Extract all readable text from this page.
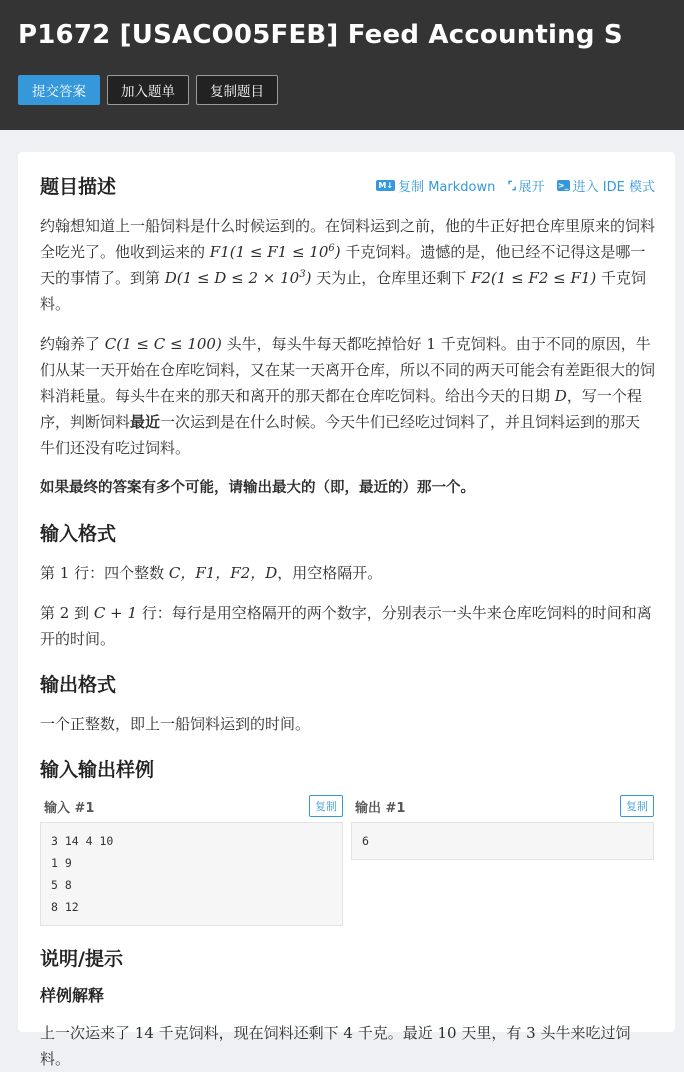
P1672 [USACO05FEB] Feed Accounting S
提交答案	加入题单	复制题目
题目描述	M↓ 复制 Markdown ⌜⌟ 展开 >_ 进入 IDE 模式

约翰想知道上一船饲料是什么时候运到的。在饲料运到之前，他的牛正好把仓库里原来的饲料全吃光了。他收到运来的 $F1(1 \le F1 \le 10^6)$ 千克饲料。遗憾的是，他已经不记得这是哪一天的事情了。到第 $D(1 \le D \le 2 \times 10^3)$ 天为止，仓库里还剩下 F2(1 ≤ F2 ≤ F1) 千克饲料。

约翰养了 C(1 ≤ C ≤ 100) 头牛，每头牛每天都吃掉恰好 1 千克饲料。由于不同的原因，牛们从某一天开始在仓库吃饲料，又在某一天离开仓库，所以不同的两天可能会有差距很大的饲料消耗量。每头牛在来的那天和离开的那天都在仓库吃饲料。给出今天的日期 D，写一个程序，判断饲料最近一次运到是在什么时候。今天牛们已经吃过饲料了，并且饲料运到的那天牛们还没有吃过饲料。

如果最终的答案有多个可能，请输出最大的（即，最近的）那一个。

输入格式

第 1 行：四个整数 C，F1，F2，D，用空格隔开。

第 2 到 C + 1 行：每行是用空格隔开的两个数字，分别表示一头牛来仓库吃饲料的时间和离开的时间。

输出格式

一个正整数，即上一船饲料运到的时间。

输入输出样例
输入 #1	复制
3 14 4 10
1 9
5 8
8 12
输出 #1	复制
6
说明/提示
样例解释

上一次运来了 14 千克饲料，现在饲料还剩下 4 千克。最近 10 天里，有 3 头牛来吃过饲料。
